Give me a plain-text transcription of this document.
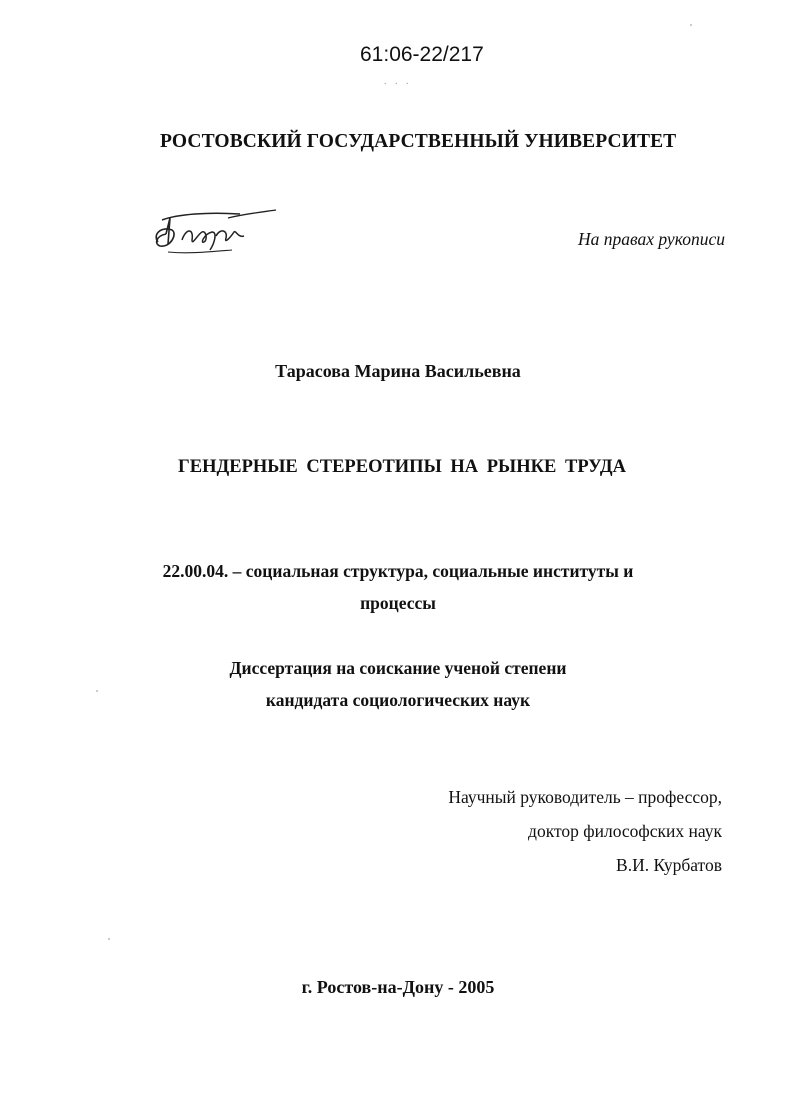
61:06-22/217
. . .
РОСТОВСКИЙ ГОСУДАРСТВЕННЫЙ УНИВЕРСИТЕТ
На правах рукописи
Тарасова Марина Васильевна
ГЕНДЕРНЫЕ СТЕРЕОТИПЫ НА РЫНКЕ ТРУДА
22.00.04. – социальная структура, социальные институты и
процессы
Диссертация на соискание ученой степени
кандидата социологических наук
Научный руководитель – профессор,
доктор философских наук
В.И. Курбатов
г. Ростов-на-Дону - 2005
